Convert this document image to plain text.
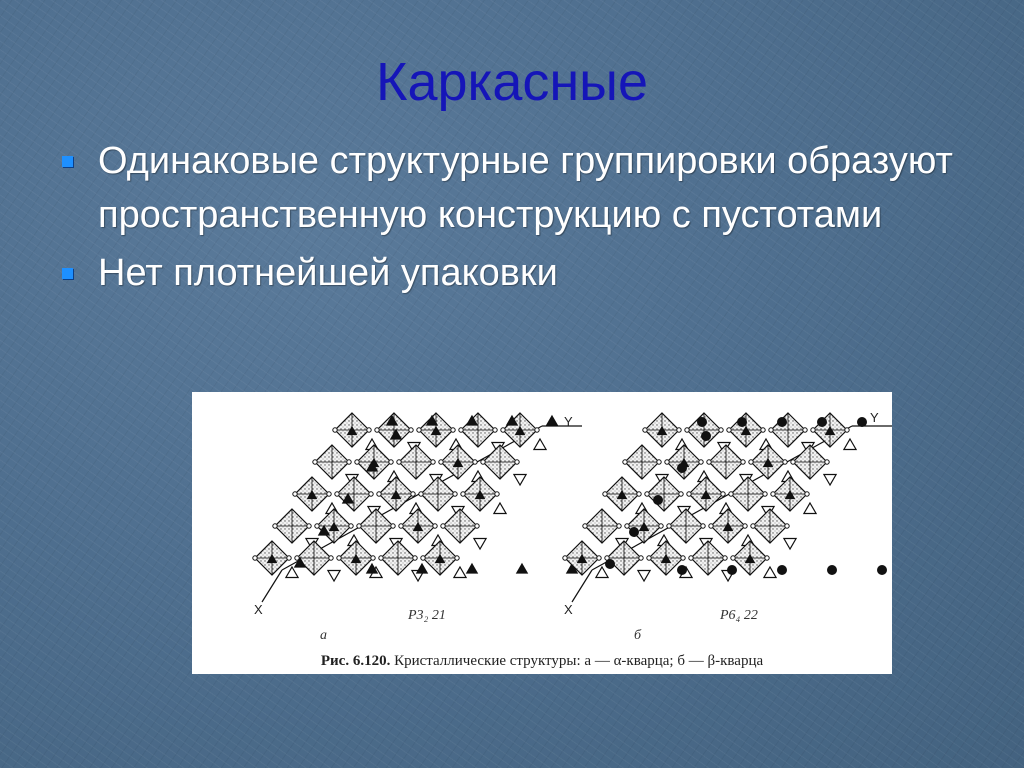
Каркасные
Одинаковые структурные группировки образуют пространственную конструкцию с пустотами
Нет плотнейшей упаковки
Y
X	P3₂ 21
а
Y
X	P6₄ 22
б
Рис. 6.120. Кристаллические структуры: а — α-кварца; б — β-кварца
